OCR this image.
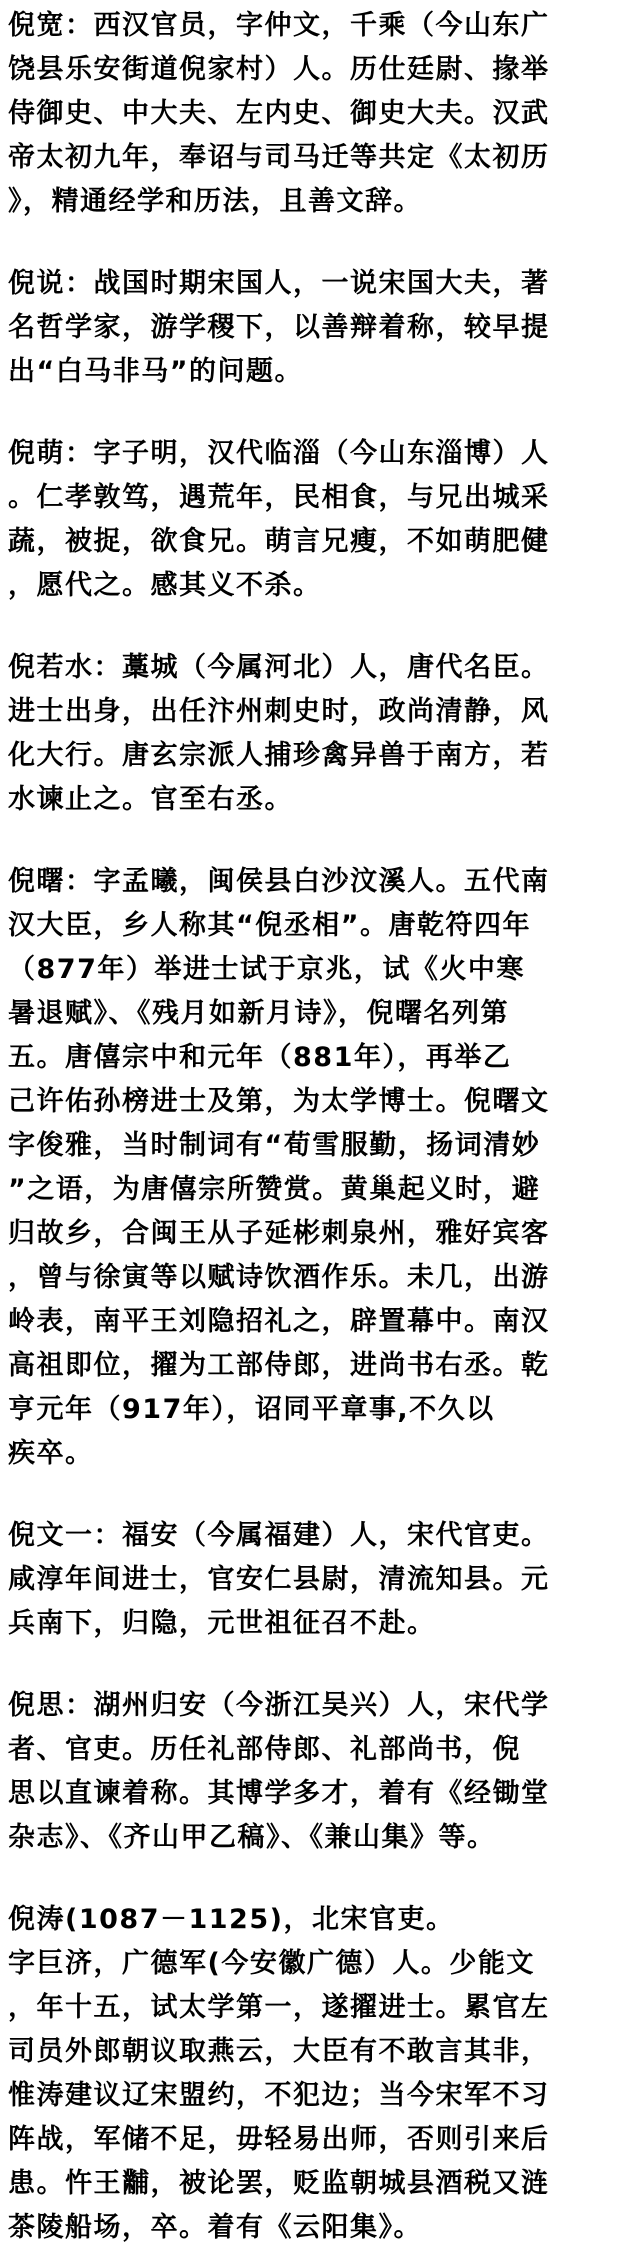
倪宽：西汉官员，字仲文，千乘（今山东广
饶县乐安街道倪家村）人。历仕廷尉、掾举
侍御史、中大夫、左内史、御史大夫。汉武
帝太初九年，奉诏与司马迁等共定《太初历
》，精通经学和历法，且善文辞。
倪说：战国时期宋国人，一说宋国大夫，著
名哲学家，游学稷下，以善辩着称，较早提
出“白马非马”的问题。
倪萌：字子明，汉代临淄（今山东淄博）人
。仁孝敦笃，遇荒年，民相食，与兄出城采
蔬，被捉，欲食兄。萌言兄瘦，不如萌肥健
，愿代之。感其义不杀。
倪若水：藁城（今属河北）人，唐代名臣。
进士出身，出任汴州刺史时，政尚清静，风
化大行。唐玄宗派人捕珍禽异兽于南方，若
水谏止之。官至右丞。
倪曙：字孟曦，闽侯县白沙汶溪人。五代南
汉大臣，乡人称其“倪丞相”。唐乾符四年
（877年）举进士试于京兆，试《火中寒
暑退赋》、《残月如新月诗》，倪曙名列第
五。唐僖宗中和元年（881年），再举乙
己许佑孙榜进士及第，为太学博士。倪曙文
字俊雅，当时制词有“荀雪服勤，扬词清妙
”之语，为唐僖宗所赞赏。黄巢起义时，避
归故乡，合闽王从子延彬刺泉州，雅好宾客
，曾与徐寅等以赋诗饮酒作乐。未几，出游
岭表，南平王刘隐招礼之，辟置幕中。南汉
高祖即位，擢为工部侍郎，进尚书右丞。乾
亨元年（917年），诏同平章事,不久以
疾卒。
倪文一：福安（今属福建）人，宋代官吏。
咸淳年间进士，官安仁县尉，清流知县。元
兵南下，归隐，元世祖征召不赴。
倪思：湖州归安（今浙江吴兴）人，宋代学
者、官吏。历任礼部侍郎、礼部尚书，倪
思以直谏着称。其博学多才，着有《经锄堂
杂志》、《齐山甲乙稿》、《兼山集》等。
倪涛(1087－1125)，北宋官吏。
字巨济，广德军(今安徽广德）人。少能文
，年十五，试太学第一，遂擢进士。累官左
司员外郎朝议取燕云，大臣有不敢言其非，
惟涛建议辽宋盟约，不犯边；当今宋军不习
阵战，军储不足，毋轻易出师，否则引来后
患。忤王黼，被论罢，贬监朝城县酒税又涟
茶陵船场，卒。着有《云阳集》。
